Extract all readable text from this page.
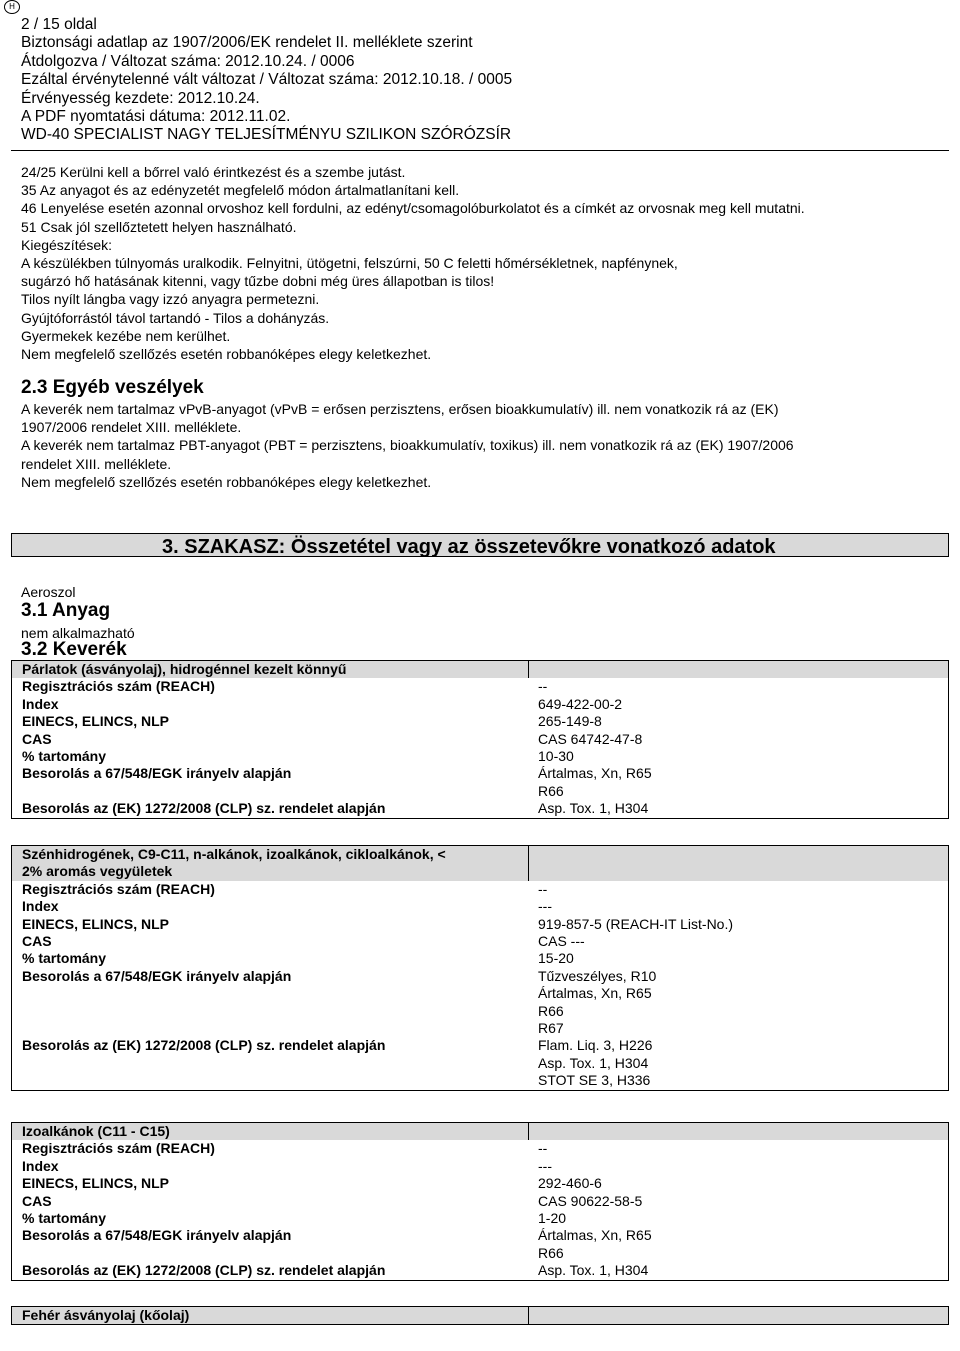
H
2 / 15 oldal
Biztonsági adatlap az 1907/2006/EK rendelet II. melléklete szerint
Átdolgozva / Változat száma: 2012.10.24. / 0006
Ezáltal érvénytelenné vált változat / Változat száma: 2012.10.18. / 0005
Érvényesség kezdete: 2012.10.24.
A PDF nyomtatási dátuma: 2012.11.02.
WD-40 SPECIALIST NAGY TELJESÍTMÉNYU SZILIKON SZÓRÓZSÍR
24/25 Kerülni kell a bőrrel való érintkezést és a szembe jutást.
35 Az anyagot és az edényzetét megfelelő módon ártalmatlanítani kell.
46 Lenyelése esetén azonnal orvoshoz kell fordulni, az edényt/csomagolóburkolatot és a címkét az orvosnak meg kell mutatni.
51 Csak jól szellőztetett helyen használható.
Kiegészítések:
A készülékben túlnyomás uralkodik. Felnyitni, ütögetni, felszúrni, 50 C feletti hőmérsékletnek, napfénynek,
sugárzó hő hatásának kitenni, vagy tűzbe dobni még üres állapotban is tilos!
Tilos nyílt lángba vagy izzó anyagra permetezni.
Gyújtóforrástól távol tartandó - Tilos a dohányzás.
Gyermekek kezébe nem kerülhet.
Nem megfelelő szellőzés esetén robbanóképes elegy keletkezhet.
2.3 Egyéb veszélyek
A keverék nem tartalmaz vPvB-anyagot (vPvB = erősen perzisztens, erősen bioakkumulatív) ill. nem vonatkozik rá az (EK)
1907/2006 rendelet XIII. melléklete.
A keverék nem tartalmaz PBT-anyagot (PBT = perzisztens, bioakkumulatív, toxikus) ill. nem vonatkozik rá az (EK) 1907/2006
rendelet XIII. melléklete.
Nem megfelelő szellőzés esetén robbanóképes elegy keletkezhet.
3. SZAKASZ: Összetétel vagy az összetevőkre vonatkozó adatok
Aeroszol
3.1 Anyag
nem alkalmazható
3.2 Keverék
Párlatok (ásványolaj), hidrogénnel kezelt könnyű
Regisztrációs szám (REACH)	--
Index	649-422-00-2
EINECS, ELINCS, NLP	265-149-8
CAS	CAS 64742-47-8
% tartomány	10-30
Besorolás a 67/548/EGK irányelv alapján	Ártalmas, Xn, R65
R66
Besorolás az (EK) 1272/2008 (CLP) sz. rendelet alapján	Asp. Tox. 1, H304
Szénhidrogének, C9-C11, n-alkánok, izoalkánok, cikloalkánok, <
2% aromás vegyületek
Regisztrációs szám (REACH)	--
Index	---
EINECS, ELINCS, NLP	919-857-5 (REACH-IT List-No.)
CAS	CAS ---
% tartomány	15-20
Besorolás a 67/548/EGK irányelv alapján	Tűzveszélyes, R10
Ártalmas, Xn, R65
R66
R67
Besorolás az (EK) 1272/2008 (CLP) sz. rendelet alapján	Flam. Liq. 3, H226
Asp. Tox. 1, H304
STOT SE 3, H336
Izoalkánok (C11 - C15)
Regisztrációs szám (REACH)	--
Index	---
EINECS, ELINCS, NLP	292-460-6
CAS	CAS 90622-58-5
% tartomány	1-20
Besorolás a 67/548/EGK irányelv alapján	Ártalmas, Xn, R65
R66
Besorolás az (EK) 1272/2008 (CLP) sz. rendelet alapján	Asp. Tox. 1, H304
Fehér ásványolaj (kőolaj)
